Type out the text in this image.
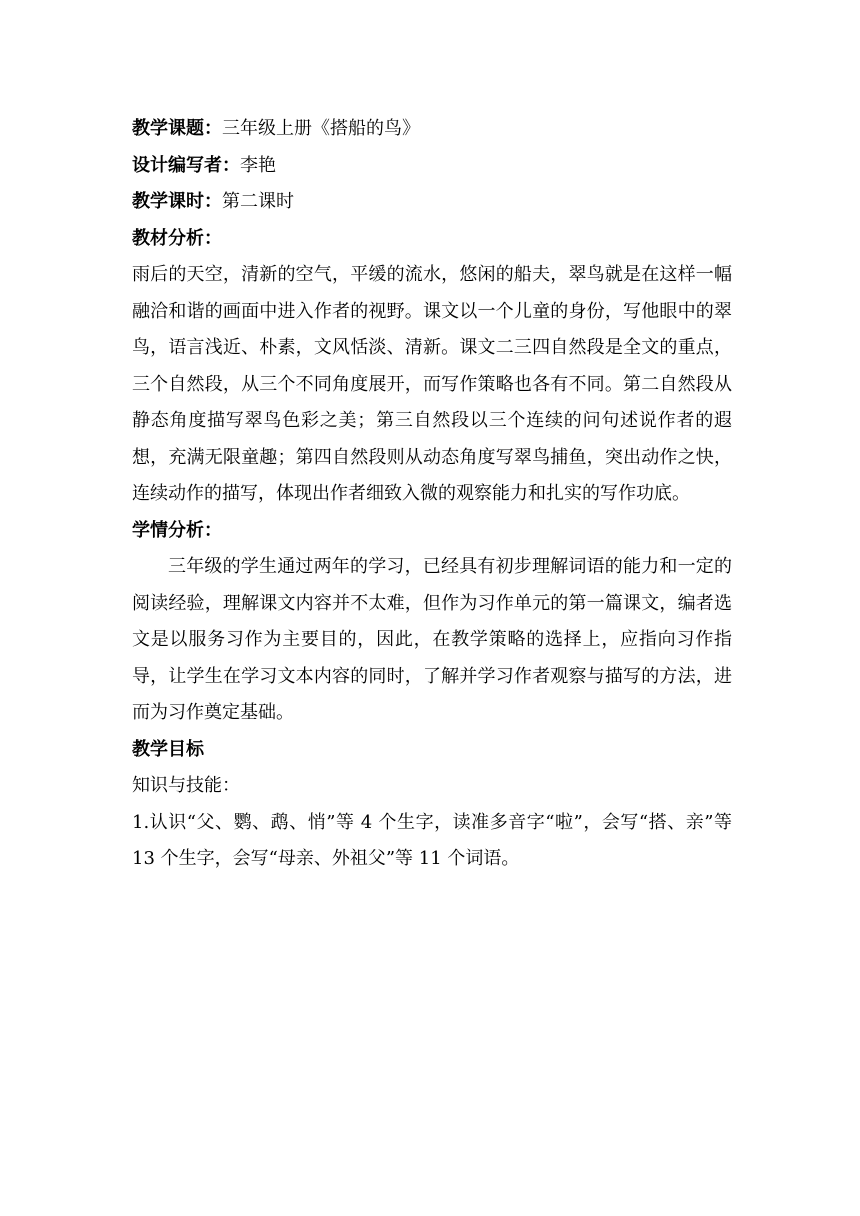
教学课题：三年级上册《搭船的鸟》
设计编写者：李艳
教学课时：第二课时
教材分析：

雨后的天空，清新的空气，平缓的流水，悠闲的船夫，翠鸟就是在这样一幅融洽和谐的画面中进入作者的视野。课文以一个儿童的身份，写他眼中的翠鸟，语言浅近、朴素，文风恬淡、清新。课文二三四自然段是全文的重点，三个自然段，从三个不同角度展开，而写作策略也各有不同。第二自然段从静态角度描写翠鸟色彩之美；第三自然段以三个连续的问句述说作者的遐想，充满无限童趣；第四自然段则从动态角度写翠鸟捕鱼，突出动作之快，连续动作的描写，体现出作者细致入微的观察能力和扎实的写作功底。

学情分析：

三年级的学生通过两年的学习，已经具有初步理解词语的能力和一定的阅读经验，理解课文内容并不太难，但作为习作单元的第一篇课文，编者选文是以服务习作为主要目的，因此，在教学策略的选择上，应指向习作指导，让学生在学习文本内容的同时，了解并学习作者观察与描写的方法，进而为习作奠定基础。

教学目标
知识与技能：

1.认识“父、鹦、鹉、悄”等 4 个生字，读准多音字“啦”，会写“搭、亲”等 13 个生字，会写“母亲、外祖父”等 11 个词语。
